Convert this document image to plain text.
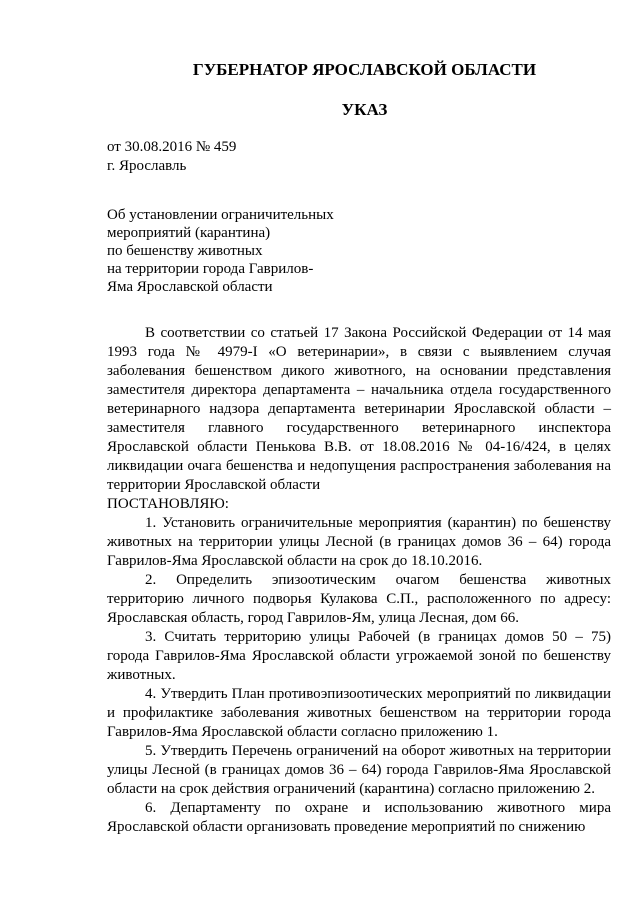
ГУБЕРНАТОР ЯРОСЛАВСКОЙ ОБЛАСТИ
УКАЗ
от 30.08.2016 № 459
г. Ярославль
Об установлении ограничительных
мероприятий (карантина)
по бешенству животных
на территории города Гаврилов-
Яма Ярославской области

В соответствии со статьей 17 Закона Российской Федерации от 14 мая 1993 года № 4979-I «О ветеринарии», в связи с выявлением случая заболевания бешенством дикого животного, на основании представления заместителя директора департамента – начальника отдела государственного ветеринарного надзора департамента ветеринарии Ярославской области – заместителя главного государственного ветеринарного инспектора Ярославской области Пенькова В.В. от 18.08.2016 № 04-16/424, в целях ликвидации очага бешенства и недопущения распространения заболевания на территории Ярославской области

ПОСТАНОВЛЯЮ:

1. Установить ограничительные мероприятия (карантин) по бешенству животных на территории улицы Лесной (в границах домов 36 – 64) города Гаврилов-Яма Ярославской области на срок до 18.10.2016.

2. Определить эпизоотическим очагом бешенства животных территорию личного подворья Кулакова С.П., расположенного по адресу: Ярославская область, город Гаврилов-Ям, улица Лесная, дом 66.

3. Считать территорию улицы Рабочей (в границах домов 50 – 75) города Гаврилов-Яма Ярославской области угрожаемой зоной по бешенству животных.

4. Утвердить План противоэпизоотических мероприятий по ликвидации и профилактике заболевания животных бешенством на территории города Гаврилов-Яма Ярославской области согласно приложению 1.

5. Утвердить Перечень ограничений на оборот животных на территории улицы Лесной (в границах домов 36 – 64) города Гаврилов-Яма Ярославской области на срок действия ограничений (карантина) согласно приложению 2.

6. Департаменту по охране и использованию животного мира Ярославской области организовать проведение мероприятий по снижению
